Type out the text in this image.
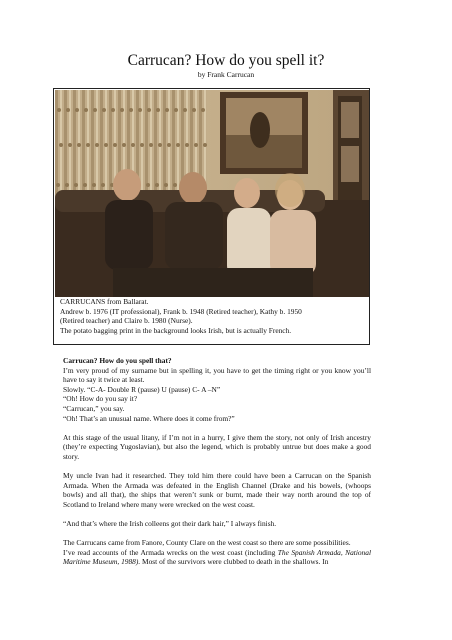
Carrucan? How do you spell it?
by Frank Carrucan
CARRUCANS from Ballarat.
Andrew b. 1976 (IT professional), Frank b. 1948 (Retired teacher), Kathy b. 1950
(Retired teacher) and Claire b. 1980 (Nurse).
The potato bagging print in the background looks Irish, but is actually French.

Carrucan? How do you spell that?

I’m very proud of my surname but in spelling it, you have to get the timing right or you know you’ll have to say it twice at least.

Slowly. “C-A- Double R (pause) U (pause) C- A –N”

“Oh! How do you say it?

“Carrucan,” you say.

“Oh! That’s an unusual name. Where does it come from?”

At this stage of the usual litany, if I’m not in a hurry, I give them the story, not only of Irish ancestry (they’re expecting Yugoslavian), but also the legend, which is probably untrue but does make a good story.

My uncle Ivan had it researched. They told him there could have been a Carrucan on the Spanish Armada. When the Armada was defeated in the English Channel (Drake and his bowels, (whoops bowls) and all that), the ships that weren’t sunk or burnt, made their way north around the top of Scotland to Ireland where many were wrecked on the west coast.

“And that’s where the Irish colleens got their dark hair,” I always finish.

The Carrucans came from Fanore, County Clare on the west coast so there are some possibilities.

I’ve read accounts of the Armada wrecks on the west coast (including The Spanish Armada, National Maritime Museum, 1988). Most of the survivors were clubbed to death in the shallows. In
